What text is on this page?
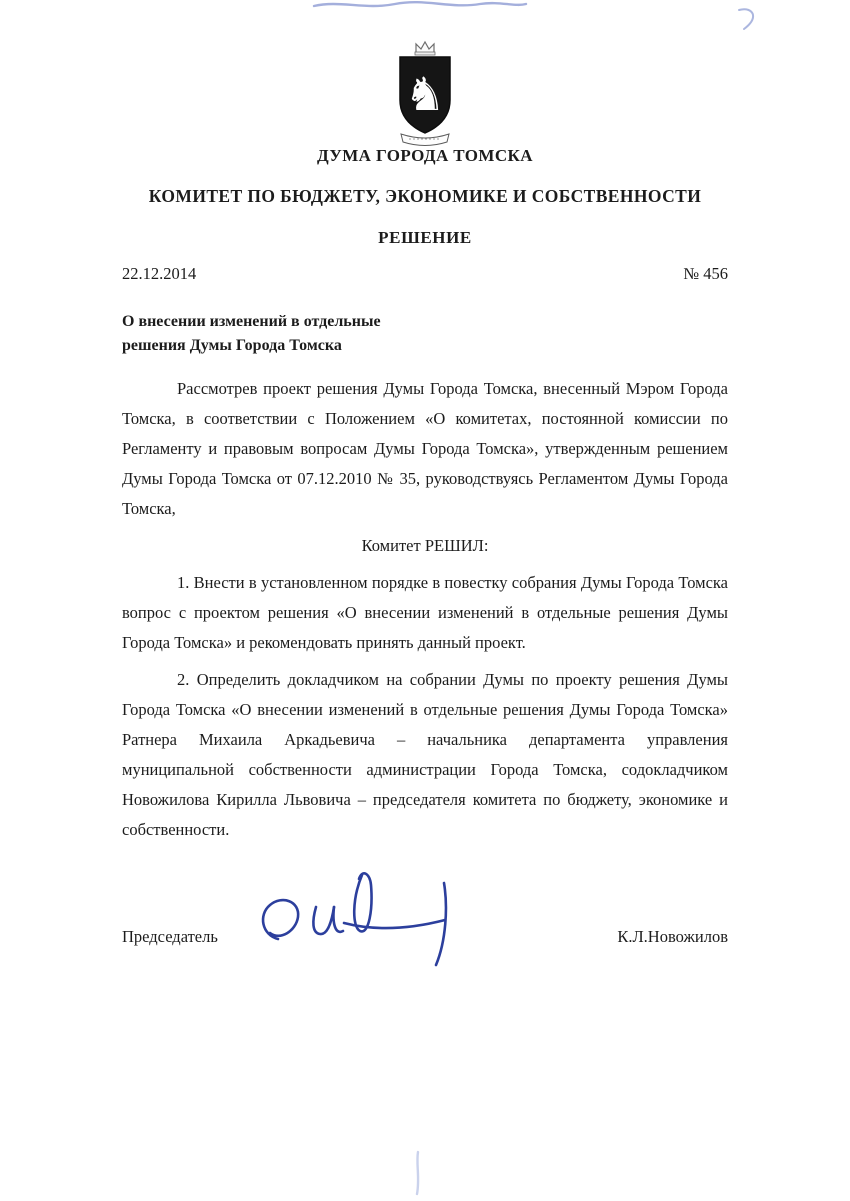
♞
ДУМА ГОРОДА ТОМСКА
КОМИТЕТ ПО БЮДЖЕТУ, ЭКОНОМИКЕ И СОБСТВЕННОСТИ
РЕШЕНИЕ
22.12.2014	№ 456
О внесении изменений в отдельные
решения Думы Города Томска

Рассмотрев проект решения Думы Города Томска, внесенный Мэром Города Томска, в соответствии с Положением «О комитетах, постоянной комиссии по Регламенту и правовым вопросам Думы Города Томска», утвержденным решением Думы Города Томска от 07.12.2010 № 35, руководствуясь Регламентом Думы Города Томска,

Комитет РЕШИЛ:

1. Внести в установленном порядке в повестку собрания Думы Города Томска вопрос с проектом решения «О внесении изменений в отдельные решения Думы Города Томска» и рекомендовать принять данный проект.

2. Определить докладчиком на собрании Думы по проекту решения Думы Города Томска «О внесении изменений в отдельные решения Думы Города Томска» Ратнера Михаила Аркадьевича – начальника департамента управления муниципальной собственности администрации Города Томска, содокладчиком Новожилова Кирилла Львовича – председателя комитета по бюджету, экономике и собственности.

Председатель	К.Л.Новожилов
